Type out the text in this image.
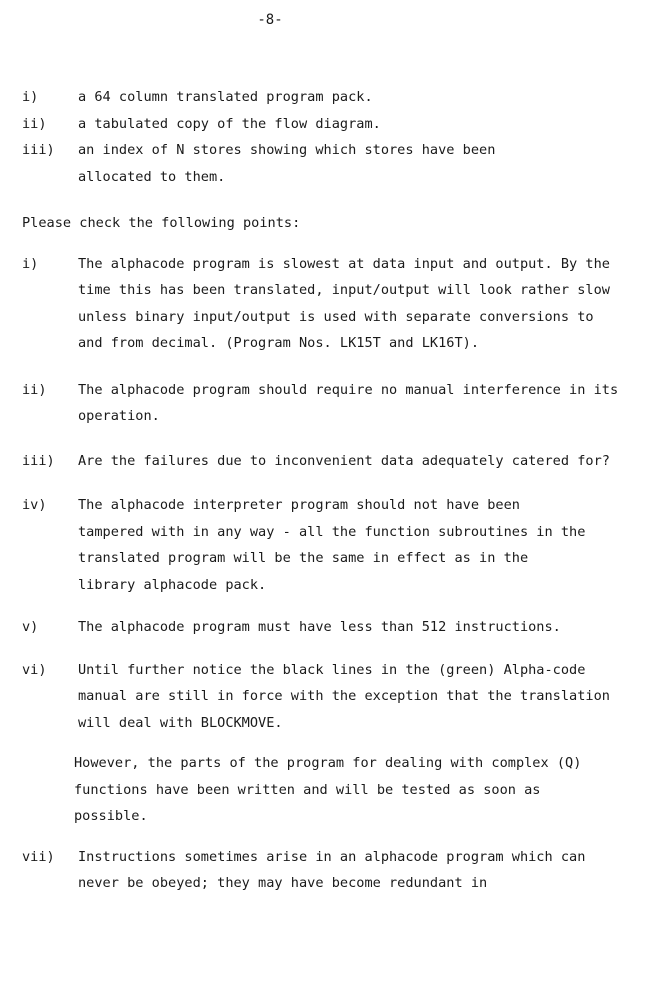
-8-
i)	a 64 column translated program pack.
ii)	a tabulated copy of the flow diagram.
iii)	an index of N stores showing which stores have been allocated to them.
Please check the following points:
i)	The alphacode program is slowest at data input and output. By the time this has been translated, input/output will look rather slow unless binary input/output is used with separate conversions to and from decimal. (Program Nos. LK15T and LK16T).
ii)	The alphacode program should require no manual interference in its operation.
iii)	Are the failures due to inconvenient data adequately catered for?
iv)	The alphacode interpreter program should not have been tampered with in any way - all the function subroutines in the translated program will be the same in effect as in the library alphacode pack.
v)	The alphacode program must have less than 512 instructions.
vi)	Until further notice the black lines in the (green) Alpha-code manual are still in force with the exception that the translation will deal with BLOCKMOVE.
However, the parts of the program for dealing with complex (Q) functions have been written and will be tested as soon as possible.
vii)	Instructions sometimes arise in an alphacode program which can never be obeyed; they may have become redundant in
